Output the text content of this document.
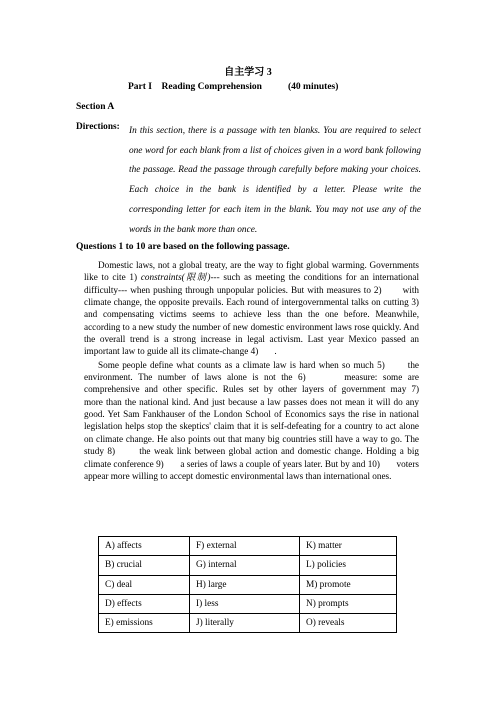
自主学习 3
Part I    Reading Comprehension	(40 minutes)
Section A
Directions: In this section, there is a passage with ten blanks. You are required to select one word for each blank from a list of choices given in a word bank following the passage. Read the passage through carefully before making your choices. Each choice in the bank is identified by a letter. Please write the corresponding letter for each item in the blank. You may not use any of the words in the bank more than once.
Questions 1 to 10 are based on the following passage.

Domestic laws, not a global treaty, are the way to fight global warming. Governments like to cite 1) constraints(限制)--- such as meeting the conditions for an international difficulty--- when pushing through unpopular policies. But with measures to 2)       with climate change, the opposite prevails. Each round of intergovernmental talks on cutting 3)       and compensating victims seems to achieve less than the one before. Meanwhile, according to a new study the number of new domestic environment laws rose quickly. And the overall trend is a strong increase in legal activism. Last year Mexico passed an important law to guide all its climate-change 4)       .

Some people define what counts as a climate law is hard when so much 5)       the environment. The number of laws alone is not the 6)       measure: some are comprehensive and other specific. Rules set by other layers of government may 7)       more than the national kind. And just because a law passes does not mean it will do any good. Yet Sam Fankhauser of the London School of Economics says the rise in national legislation helps stop the skeptics' claim that it is self-defeating for a country to act alone on climate change. He also points out that many big countries still have a way to go. The study 8)       the weak link between global action and domestic change. Holding a big climate conference 9)       a series of laws a couple of years later. But by and 10)       voters appear more willing to accept domestic environmental laws than international ones.

A) affects	F) external	K) matter
B) crucial	G) internal	L) policies
C) deal	H) large	M) promote
D) effects	I) less	N) prompts
E) emissions	J) literally	O) reveals
